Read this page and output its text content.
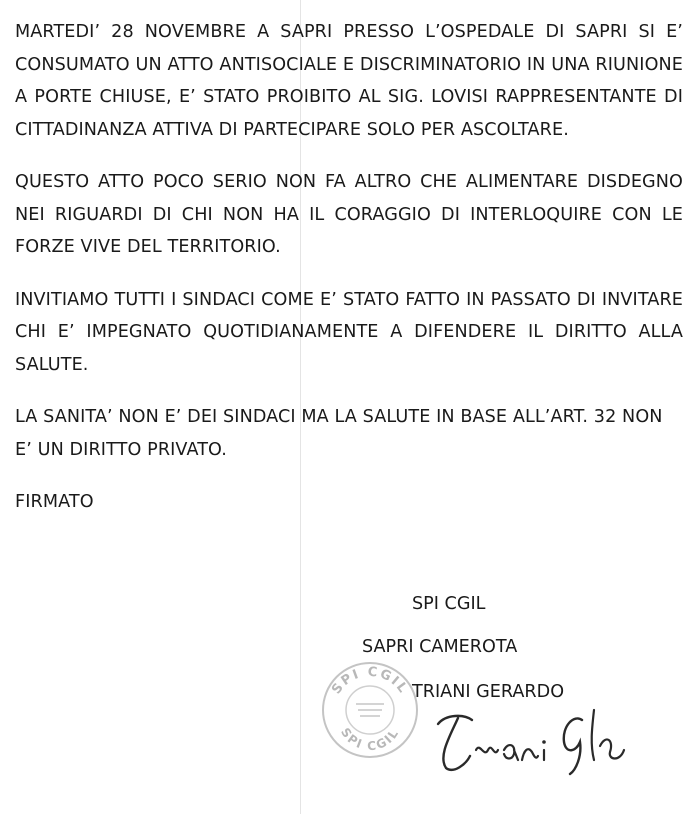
MARTEDI’ 28 NOVEMBRE A SAPRI PRESSO L’OSPEDALE DI SAPRI SI E’ CONSUMATO UN ATTO ANTISOCIALE E DISCRIMINATORIO IN UNA RIUNIONE A PORTE CHIUSE, E’ STATO PROIBITO AL SIG. LOVISI RAPPRESENTANTE DI CITTADINANZA ATTIVA DI PARTECIPARE SOLO PER ASCOLTARE.

QUESTO ATTO POCO SERIO NON FA ALTRO CHE ALIMENTARE DISDEGNO NEI RIGUARDI DI CHI NON HA IL CORAGGIO DI INTERLOQUIRE CON LE FORZE VIVE DEL TERRITORIO.

INVITIAMO TUTTI I SINDACI COME E’ STATO FATTO IN PASSATO DI INVITARE CHI E’ IMPEGNATO QUOTIDIANAMENTE A DIFENDERE IL DIRITTO ALLA SALUTE.

LA SANITA’ NON E’ DEI SINDACI MA LA SALUTE IN BASE ALL’ART. 32 NON E’ UN DIRITTO PRIVATO.

FIRMATO

SPI CGIL
SAPRI CAMEROTA
SPI CGIL
SPI CGIL
TRIANI GERARDO
